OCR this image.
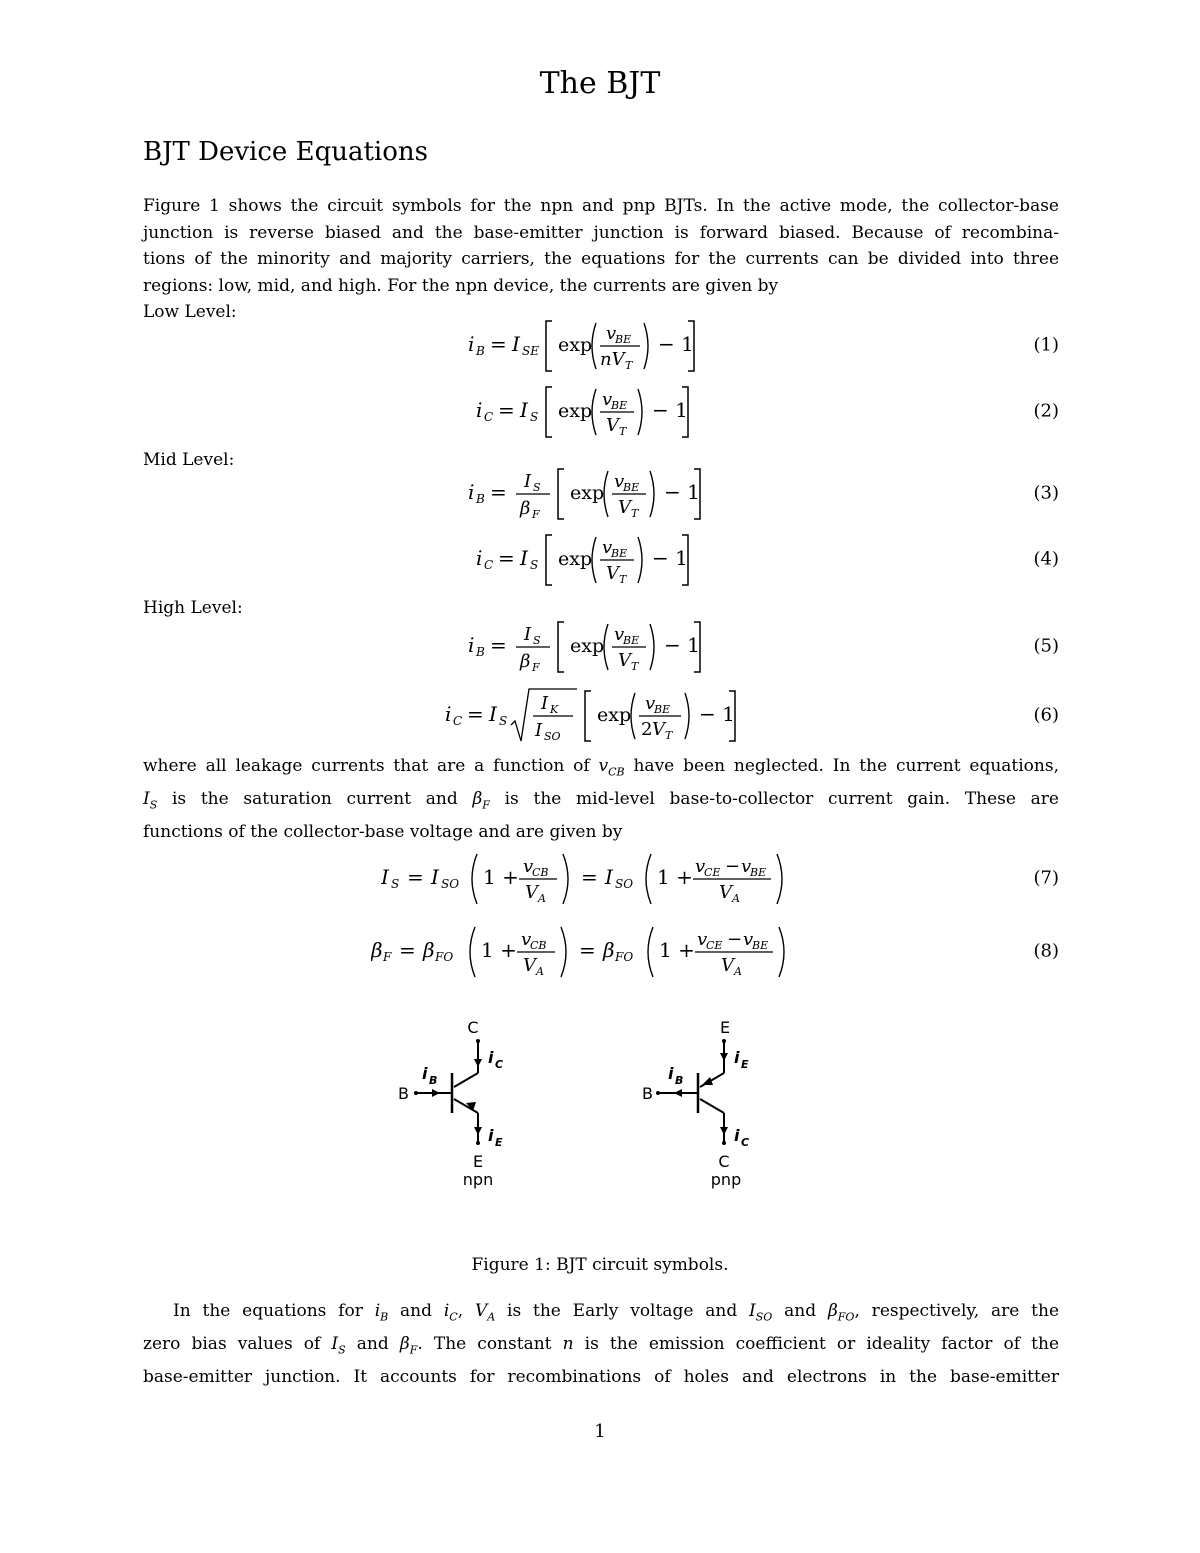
The BJT
BJT Device Equations
Figure 1 shows the circuit symbols for the npn and pnp BJTs. In the active mode, the collector-base
junction is reverse biased and the base-emitter junction is forward biased. Because of recombina-
tions of the minority and majority carriers, the equations for the currents can be divided into three
regions: low, mid, and high. For the npn device, the currents are given by
Low Level:
i B = I SE exp
v
BE
nV T
− 1	(1)
i C = I S exp
v
BE
V T
− 1	(2)
Mid Level:
i B = I S
β F
exp
v
BE
V T
− 1	(3)
i C = I S exp
v
BE
V T
− 1	(4)
High Level:
i B = I S
β F
exp
v
BE
V T
− 1	(5)
i C = I S
I K
I SO
exp
v
BE
2 V T
− 1	(6)
where all leakage currents that are a function of $v_{CB}$ have been neglected. In the current equations,
$I_S$ is the saturation current and $\beta_F$ is the mid-level base-to-collector current gain. These are
functions of the collector-base voltage and are given by
I S = I SO 1 + v
CB
V A
= I SO 1 + v
CE − v
BE
V A
(7)
β F = β FO 1 + v
CB
V A
= β FO 1 + v
CE − v
BE
V A
(8)
C
i C
B
i B
i E
E
npn
E
i E
B
i B
i C
C
pnp
Figure 1: BJT circuit symbols.
In the equations for $i_B$ and $i_C$, $V_A$ is the Early voltage and $I_{SO}$ and $\beta_{FO}$, respectively, are the
zero bias values of $I_S$ and $\beta_F$. The constant n is the emission coefficient or ideality factor of the
base-emitter junction. It accounts for recombinations of holes and electrons in the base-emitter
1
